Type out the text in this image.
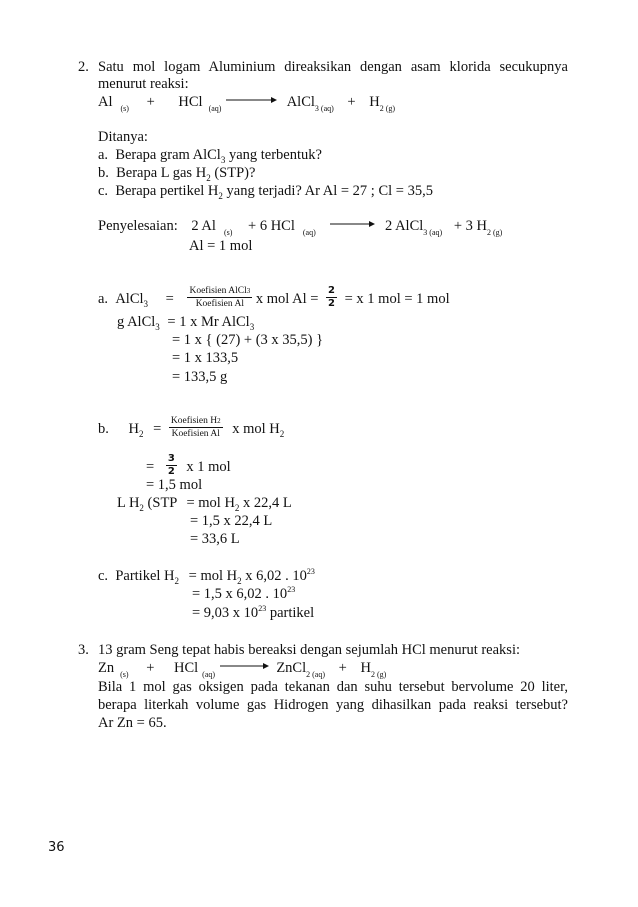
2. Satu mol logam Aluminium direaksikan dengan asam klorida secukupnya
menurut reaksi:
Al $_{(s)}$ + HCl $_{(aq)}$ → AlCl$_{3 (aq)}$ + $H_{2 (g)}$
Ditanya:
a. Berapa gram AlCl$_3$ yang terbentuk?
b. Berapa L gas $H_2$ (STP)?
c. Berapa pertikel $H_2$ yang terjadi? Ar Al = 27 ; Cl = 35,5
Penyelesaian: 2 Al $_{(s)}$ + 6 HCl $_{(aq)}$ → 2 AlCl$_{3 (aq)}$ + 3 $H_{2 (g)}$
Al = 1 mol
a. AlCl$_3$ = $\frac{\text{Koefisien AlCl3}}{\text{Koefisien Al}}$ x mol $Al = \frac{2}{2} = x$ 1 mol = 1 mol
g AlCl$_3$ = 1 x Mr AlCl$_3$
= 1 x { (27) + (3 x 35,5) }
= 1 x 133,5
= 133,5 g
b. $H_2 = \frac{\text{Koefisien H2}}{\text{Koefisien Al}}$ x mol $H_2$
= $\frac{3}{2}$ x 1 mol
= 1,5 mol
L $H_2$ (STP = mol $H_2$ x 22,4 L
= 1,5 x 22,4 L
= 33,6 L
c. Partikel $H_2$ = mol $H_2$ x 6,02 . $10^{23}$
= 1,5 x 6,02 . $10^{23}$
= 9,03 x $10^{23}$ partikel
3. 13 gram Seng tepat habis bereaksi dengan sejumlah HCl menurut reaksi:
Zn $_{(s)}$ + HCl $_{(aq)}$ → ZnCl$_{2 (aq)}$ + $H_{2 (g)}$
Bila 1 mol gas oksigen pada tekanan dan suhu tersebut bervolume 20 liter,
berapa literkah volume gas Hidrogen yang dihasilkan pada reaksi tersebut?
Ar Zn = 65.
36
